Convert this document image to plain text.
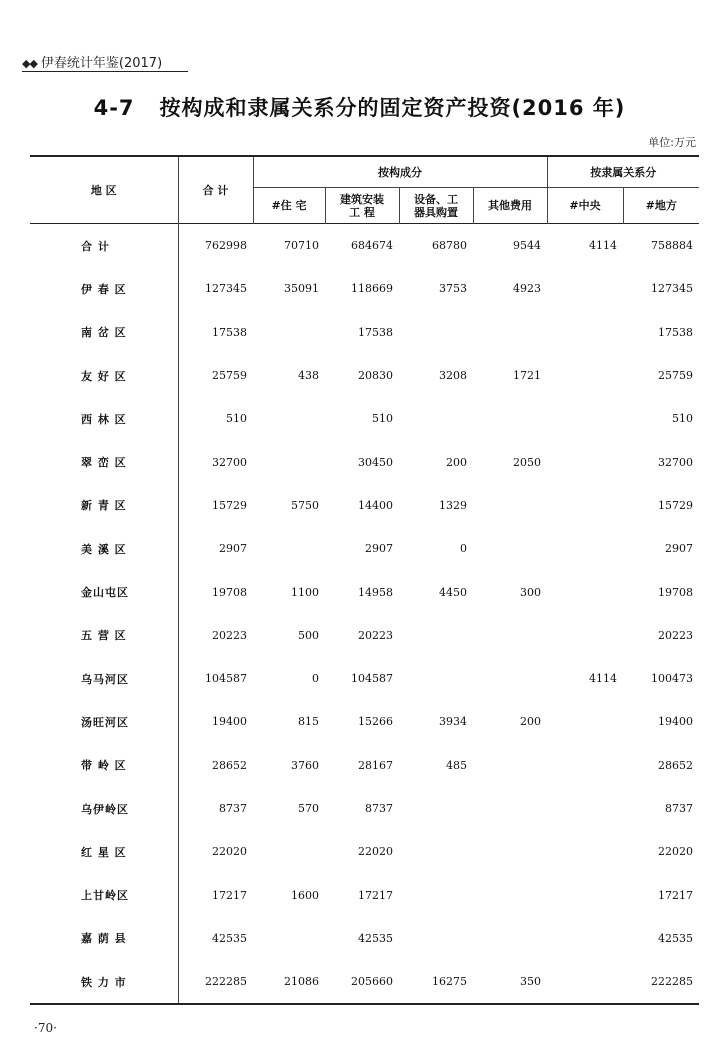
◆◆ 伊春统计年鉴(2017)
4-7   按构成和隶属关系分的固定资产投资(2016 年)
单位:万元
地 区	合 计	按构成分				按隶属关系分	
		#住 宅	建筑安装
工 程	设备、工
器具购置	其他费用	#中央	#地方
合 计	762998	70710	684674	68780	9544	4114	758884
伊 春 区	127345	35091	118669	3753	4923		127345
南 岔 区	17538		17538				17538
友 好 区	25759	438	20830	3208	1721		25759
西 林 区	510		510				510
翠 峦 区	32700		30450	200	2050		32700
新 青 区	15729	5750	14400	1329			15729
美 溪 区	2907		2907	0			2907
金山屯区	19708	1100	14958	4450	300		19708
五 营 区	20223	500	20223				20223
乌马河区	104587	0	104587			4114	100473
汤旺河区	19400	815	15266	3934	200		19400
带 岭 区	28652	3760	28167	485			28652
乌伊岭区	8737	570	8737				8737
红 星 区	22020		22020				22020
上甘岭区	17217	1600	17217				17217
嘉 荫 县	42535		42535				42535
铁 力 市	222285	21086	205660	16275	350		222285
·70·
